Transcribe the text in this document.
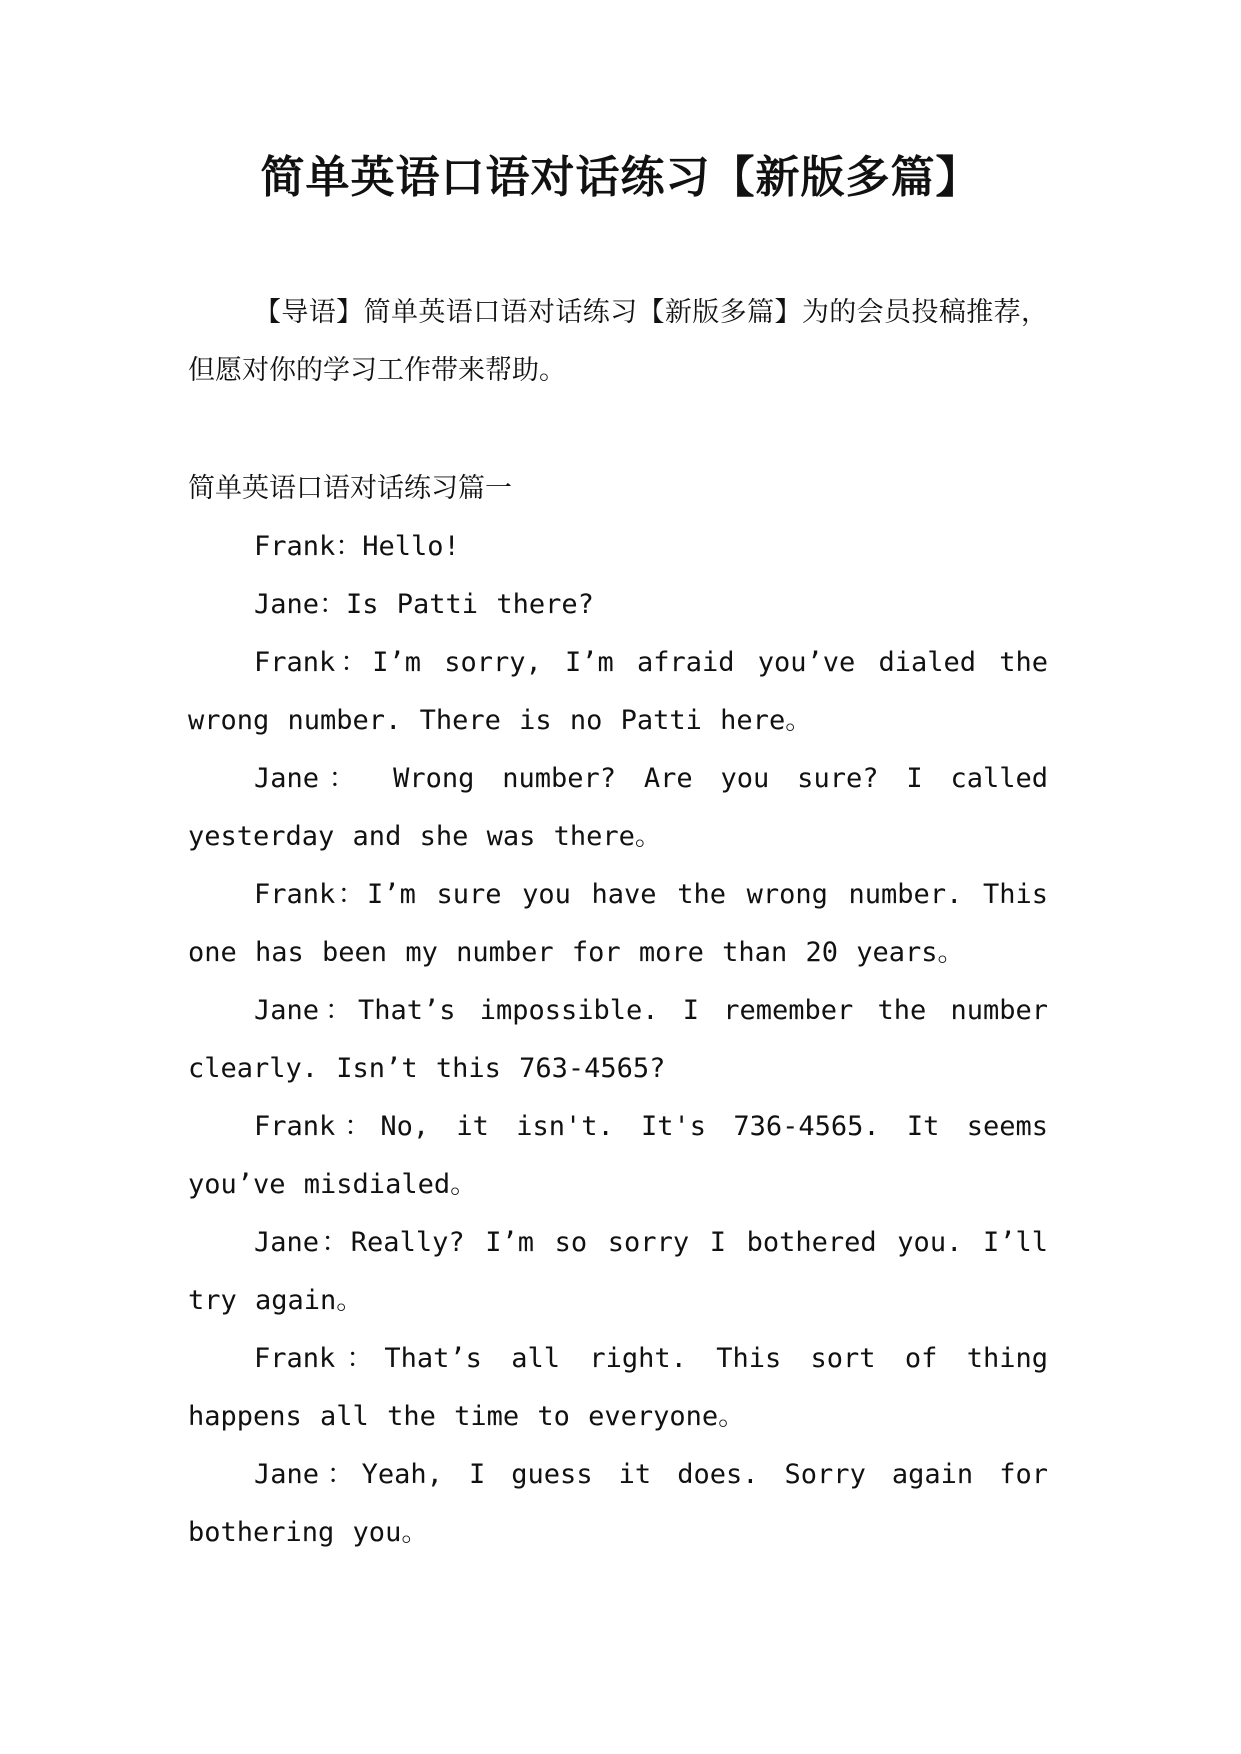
简单英语口语对话练习【新版多篇】

【导语】简单英语口语对话练习【新版多篇】为的会员投稿推荐，但愿对你的学习工作带来帮助。

简单英语口语对话练习篇一

Frank：Hello!

Jane：Is Patti there?

Frank：I’m sorry, I’m afraid you’ve dialed the wrong number. There is no Patti here。

Jane： Wrong number? Are you sure? I called yesterday and she was there。

Frank：I’m sure you have the wrong number. This one has been my number for more than 20 years。

Jane：That’s impossible. I remember the number clearly. Isn’t this 763-4565?

Frank：No, it isn't. It's 736-4565. It seems you’ve misdialed。

Jane：Really? I’m so sorry I bothered you. I’ll try again。

Frank：That’s all right. This sort of thing happens all the time to everyone。

Jane：Yeah, I guess it does. Sorry again for bothering you。
